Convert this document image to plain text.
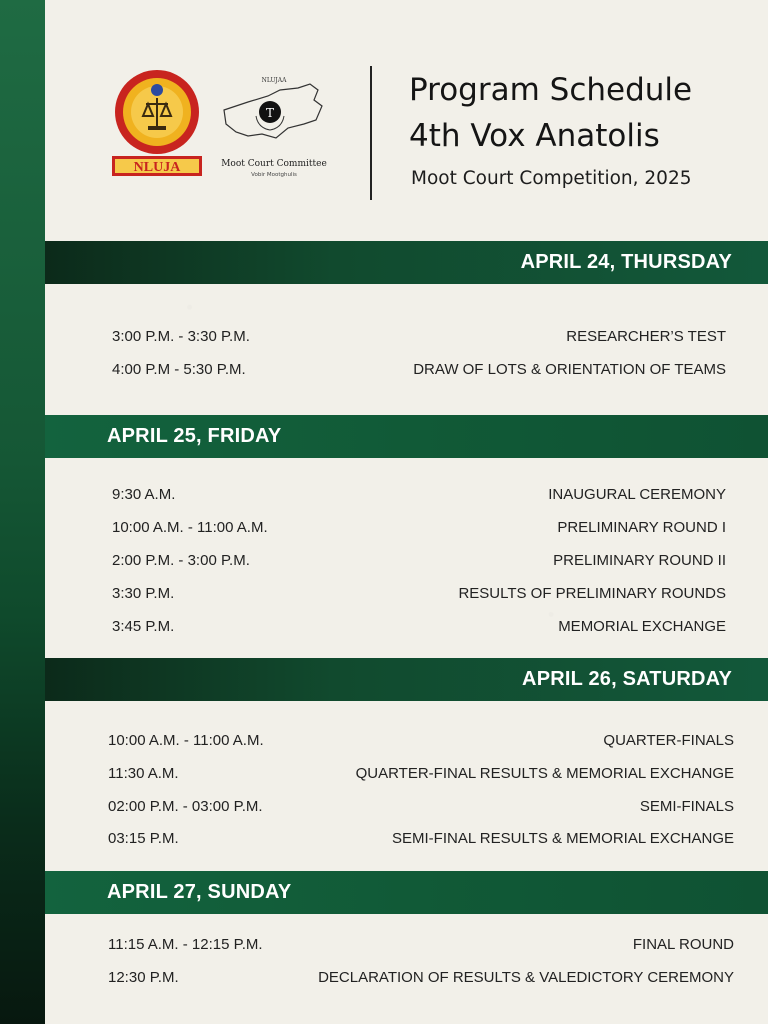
NLUJA
NLUJAA
T
Moot Court Committee
Vobir Mootghulis
Program Schedule
4th Vox Anatolis
Moot Court Competition, 2025
APRIL 24, THURSDAY
3:00 P.M. - 3:30 P.M.	RESEARCHER’S TEST
4:00 P.M - 5:30 P.M.	DRAW OF LOTS & ORIENTATION OF TEAMS
APRIL 25, FRIDAY
9:30 A.M.	INAUGURAL CEREMONY
10:00 A.M. - 11:00 A.M.	PRELIMINARY ROUND I
2:00 P.M. - 3:00 P.M.	PRELIMINARY ROUND II
3:30 P.M.	RESULTS OF PRELIMINARY ROUNDS
3:45 P.M.	MEMORIAL EXCHANGE
APRIL 26, SATURDAY
10:00 A.M. - 11:00 A.M.	QUARTER-FINALS
11:30 A.M.	QUARTER-FINAL RESULTS & MEMORIAL EXCHANGE
02:00 P.M. - 03:00 P.M.	SEMI-FINALS
03:15 P.M.	SEMI-FINAL RESULTS & MEMORIAL EXCHANGE
APRIL 27, SUNDAY
11:15 A.M. - 12:15 P.M.	FINAL ROUND
12:30 P.M.	DECLARATION OF RESULTS & VALEDICTORY CEREMONY
